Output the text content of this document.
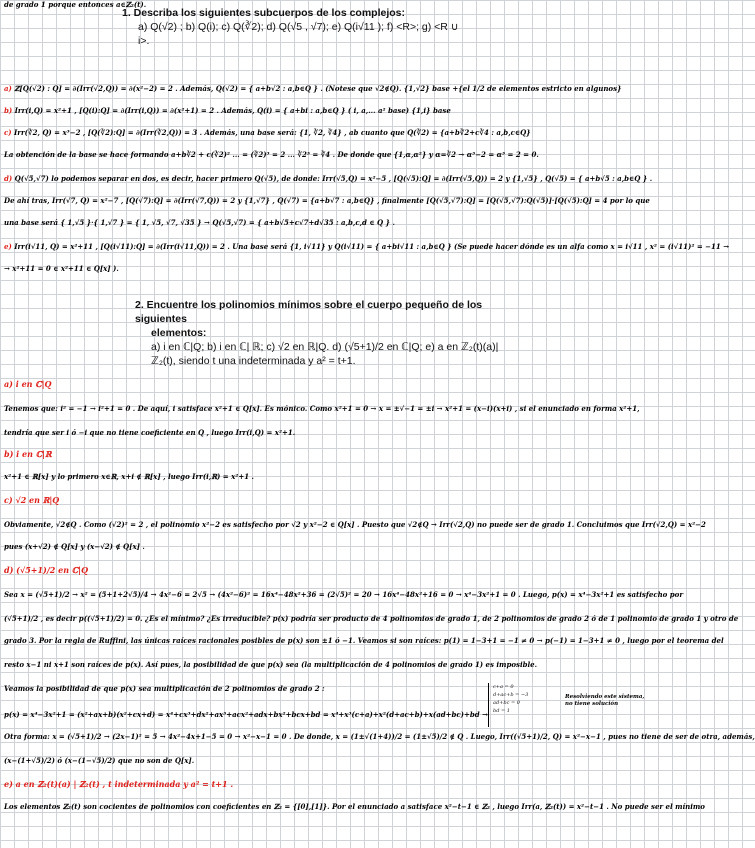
1. Describa los siguientes subcuerpos de los complejos:
a) Q(√2) ; b) Q(i); c) Q(∛2); d) Q(√5 , √7); e) Q(i√11 ); f) <R>; g) <R ∪
i>.
a) ℤ[Q(√2) : Q] = ∂(Irr(√2,Q)) = ∂(x²−2) = 2 . Además, Q(√2) = { a+b√2 : a,b∈Q } . (Notese que √2∉Q). {1,√2} base +{el 1/2 de elementos estricto en algunos}
b) Irr(i,Q) = x²+1 , [Q(i):Q] = ∂(Irr(i,Q)) = ∂(x²+1) = 2 . Además, Q(i) = { a+bi : a,b∈Q } ( i, a,... a² base) {1,i} base
c) Irr(∛2, Q) = x³−2 , [Q(∛2):Q] = ∂(Irr(∛2,Q)) = 3 . Además, una base será: {1, ∛2, ∛4} , ab cuanto que Q(∛2) = {a+b∛2+c∛4 : a,b,c∈Q}
La obtención de la base se hace formando a+b∛2 + c(∛2)² ... = (∛2)³ = 2 ... ∛2³ = ∛4 . De donde que {1,α,α²} y α=∛2 → α³−2 = α³ = 2 = 0.
d) Q(√5,√7) lo podemos separar en dos, es decir, hacer primero Q(√5), de donde: Irr(√5,Q) = x²−5 , [Q(√5):Q] = ∂(Irr(√5,Q)) = 2 y {1,√5} , Q(√5) = { a+b√5 : a,b∈Q } .
De ahí tras, Irr(√7, Q) = x²−7 , [Q(√7):Q] = ∂(Irr(√7,Q)) = 2 y {1,√7} , Q(√7) = {a+b√7 : a,b∈Q} , finalmente [Q(√5,√7):Q] = [Q(√5,√7):Q(√5)]·[Q(√5):Q] = 4 por lo que
una base será { 1,√5 }·{ 1,√7 } = { 1, √5, √7, √35 } → Q(√5,√7) = { a+b√5+c√7+d√35 : a,b,c,d ∈ Q } .
e) Irr(i√11, Q) = x²+11 , [Q(i√11):Q] = ∂(Irr(i√11,Q)) = 2 . Una base será {1, i√11} y Q(i√11) = { a+bi√11 : a,b∈Q } (Se puede hacer dónde es un alfa como x = i√11 , x² = (i√11)² = −11 →
→ x²+11 = 0 ∈ x²+11 ∈ Q[x] ).
2. Encuentre los polinomios mínimos sobre el cuerpo pequeño de los siguientes
elementos:
a) i en ℂ|Q; b) i en ℂ| ℝ; c) √2 en ℝ|Q. d) (√5+1)/2 en ℂ|Q; e) a en ℤ₂(t)(a)|
ℤ₂(t), siendo t una indeterminada y a² = t+1.
a) i en ℂ|Q
Tenemos que: i² = −1 → i²+1 = 0 . De aquí, i satisface x²+1 ∈ Q[x]. Es mónico. Como x²+1 = 0 → x = ±√−1 = ±i → x²+1 = (x−i)(x+i) , si el enunciado en forma x²+1,
tendría que ser i ó −i que no tiene coeficiente en Q , luego Irr(i,Q) = x²+1.
b) i en ℂ|ℝ
x²+1 ∈ ℝ[x] y lo primero x∈ℝ, x+i ∉ ℝ[x] , luego Irr(i,ℝ) = x²+1 .
c) √2 en ℝ|Q
Obviamente, √2∉Q . Como (√2)² = 2 , el polinomio x²−2 es satisfecho por √2 y x²−2 ∈ Q[x] . Puesto que √2∉Q → Irr(√2,Q) no puede ser de grado 1. Concluimos que Irr(√2,Q) = x²−2
pues (x+√2) ∉ Q[x] y (x−√2) ∉ Q[x] .
d) (√5+1)/2 en ℂ|Q
Sea x = (√5+1)/2 → x² = (5+1+2√5)/4 → 4x²−6 = 2√5 → (4x²−6)² = 16x⁴−48x²+36 = (2√5)² = 20 → 16x⁴−48x²+16 = 0 → x⁴−3x²+1 = 0 . Luego, p(x) = x⁴−3x²+1 es satisfecho por
(√5+1)/2 , es decir p((√5+1)/2) = 0. ¿Es el mínimo? ¿Es irreducible? p(x) podría ser producto de 4 polinomios de grado 1, de 2 polinomios de grado 2 ó de 1 polinomio de grado 1 y otro de
grado 3. Por la regla de Ruffini, las únicas raíces racionales posibles de p(x) son ±1 ó −1. Veamos si son raíces: p(1) = 1−3+1 = −1 ≠ 0 → p(−1) = 1−3+1 ≠ 0 , luego por el teorema del
resto x−1 ni x+1 son raíces de p(x). Así pues, la posibilidad de que p(x) sea (la multiplicación de 4 polinomios de grado 1) es imposible.
Veamos la posibilidad de que p(x) sea multiplicación de 2 polinomios de grado 2 :
p(x) = x⁴−3x²+1 = (x²+ax+b)(x²+cx+d) = x⁴+cx³+dx²+ax³+acx²+adx+bx²+bcx+bd = x⁴+x³(c+a)+x²(d+ac+b)+x(ad+bc)+bd →
Otra forma: x = (√5+1)/2 → (2x−1)² = 5 → 4x²−4x+1−5 = 0 → x²−x−1 = 0 . De donde, x = (1±√(1+4))/2 = (1±√5)/2 ∉ Q . Luego, Irr((√5+1)/2, Q) = x²−x−1 , pues no tiene de ser de otra, además,
(x−(1+√5)/2) ó (x−(1−√5)/2) que no son de Q[x].
e) a en ℤ₂(t)(a) | ℤ₂(t) , t indeterminada y a² = t+1 .
Los elementos ℤ₂(t) son cocientes de polinomios con coeficientes en ℤ₂ = {[0],[1]}. Por el enunciado a satisface x²−t−1 ∈ ℤ₂ , luego Irr(a, ℤ₂(t)) = x²−t−1 . No puede ser el mínimo
de grado 1 porque entonces a∈ℤ₂(t).
c+a = 0
d+ac+b = −3
ad+bc = 0
bd = 1
Resolviendo este sistema, no tiene solución
